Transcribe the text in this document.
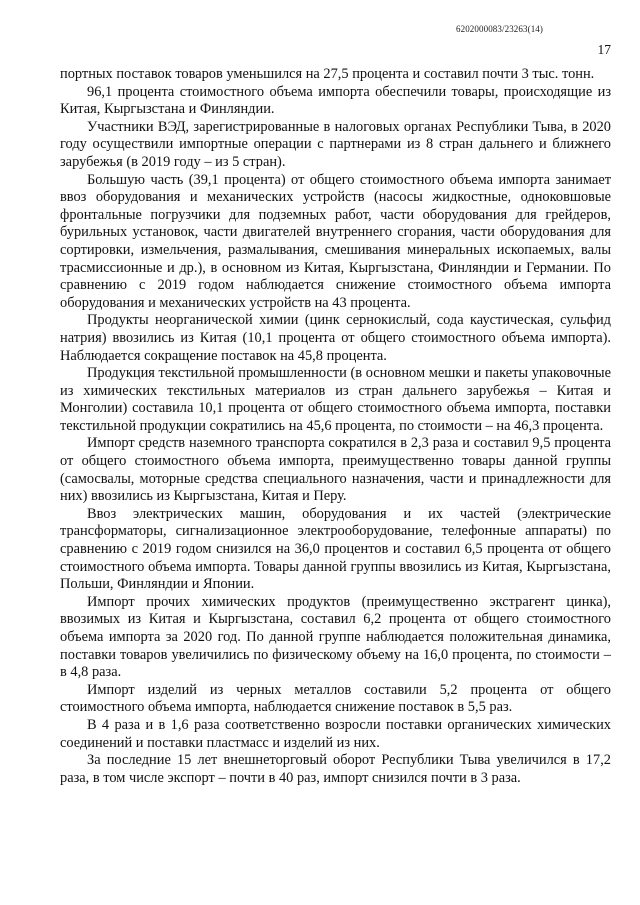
6202000083/23263(14)
17

портных поставок товаров уменьшился на 27,5 процента и составил почти 3 тыс. тонн.

96,1 процента стоимостного объема импорта обеспечили товары, происходящие из Китая, Кыргызстана и Финляндии.

Участники ВЭД, зарегистрированные в налоговых органах Республики Тыва, в 2020 году осуществили импортные операции с партнерами из 8 стран дальнего и ближнего зарубежья (в 2019 году – из 5 стран).

Большую часть (39,1 процента) от общего стоимостного объема импорта занимает ввоз оборудования и механических устройств (насосы жидкостные, одноковшовые фронтальные погрузчики для подземных работ, части оборудования для грейдеров, бурильных установок, части двигателей внутреннего сгорания, части оборудования для сортировки, измельчения, размалывания, смешивания минеральных ископаемых, валы трасмиссионные и др.), в основном из Китая, Кыргызстана, Финляндии и Германии. По сравнению с 2019 годом наблюдается снижение стоимостного объема импорта оборудования и механических устройств на 43 процента.

Продукты неорганической химии (цинк сернокислый, сода каустическая, сульфид натрия) ввозились из Китая (10,1 процента от общего стоимостного объема импорта). Наблюдается сокращение поставок на 45,8 процента.

Продукция текстильной промышленности (в основном мешки и пакеты упаковочные из химических текстильных материалов из стран дальнего зарубежья – Китая и Монголии) составила 10,1 процента от общего стоимостного объема импорта, поставки текстильной продукции сократились на 45,6 процента, по стоимости – на 46,3 процента.

Импорт средств наземного транспорта сократился в 2,3 раза и составил 9,5 процента от общего стоимостного объема импорта, преимущественно товары данной группы (самосвалы, моторные средства специального назначения, части и принадлежности для них) ввозились из Кыргызстана, Китая и Перу.

Ввоз электрических машин, оборудования и их частей (электрические трансформаторы, сигнализационное электрооборудование, телефонные аппараты) по сравнению с 2019 годом снизился на 36,0 процентов и составил 6,5 процента от общего стоимостного объема импорта. Товары данной группы ввозились из Китая, Кыргызстана, Польши, Финляндии и Японии.

Импорт прочих химических продуктов (преимущественно экстрагент цинка), ввозимых из Китая и Кыргызстана, составил 6,2 процента от общего стоимостного объема импорта за 2020 год. По данной группе наблюдается положительная динамика, поставки товаров увеличились по физическому объему на 16,0 процента, по стоимости – в 4,8 раза.

Импорт изделий из черных металлов составили 5,2 процента от общего стоимостного объема импорта, наблюдается снижение поставок в 5,5 раз.

В 4 раза и в 1,6 раза соответственно возросли поставки органических химических соединений и поставки пластмасс и изделий из них.

За последние 15 лет внешнеторговый оборот Республики Тыва увеличился в 17,2 раза, в том числе экспорт – почти в 40 раз, импорт снизился почти в 3 раза.
